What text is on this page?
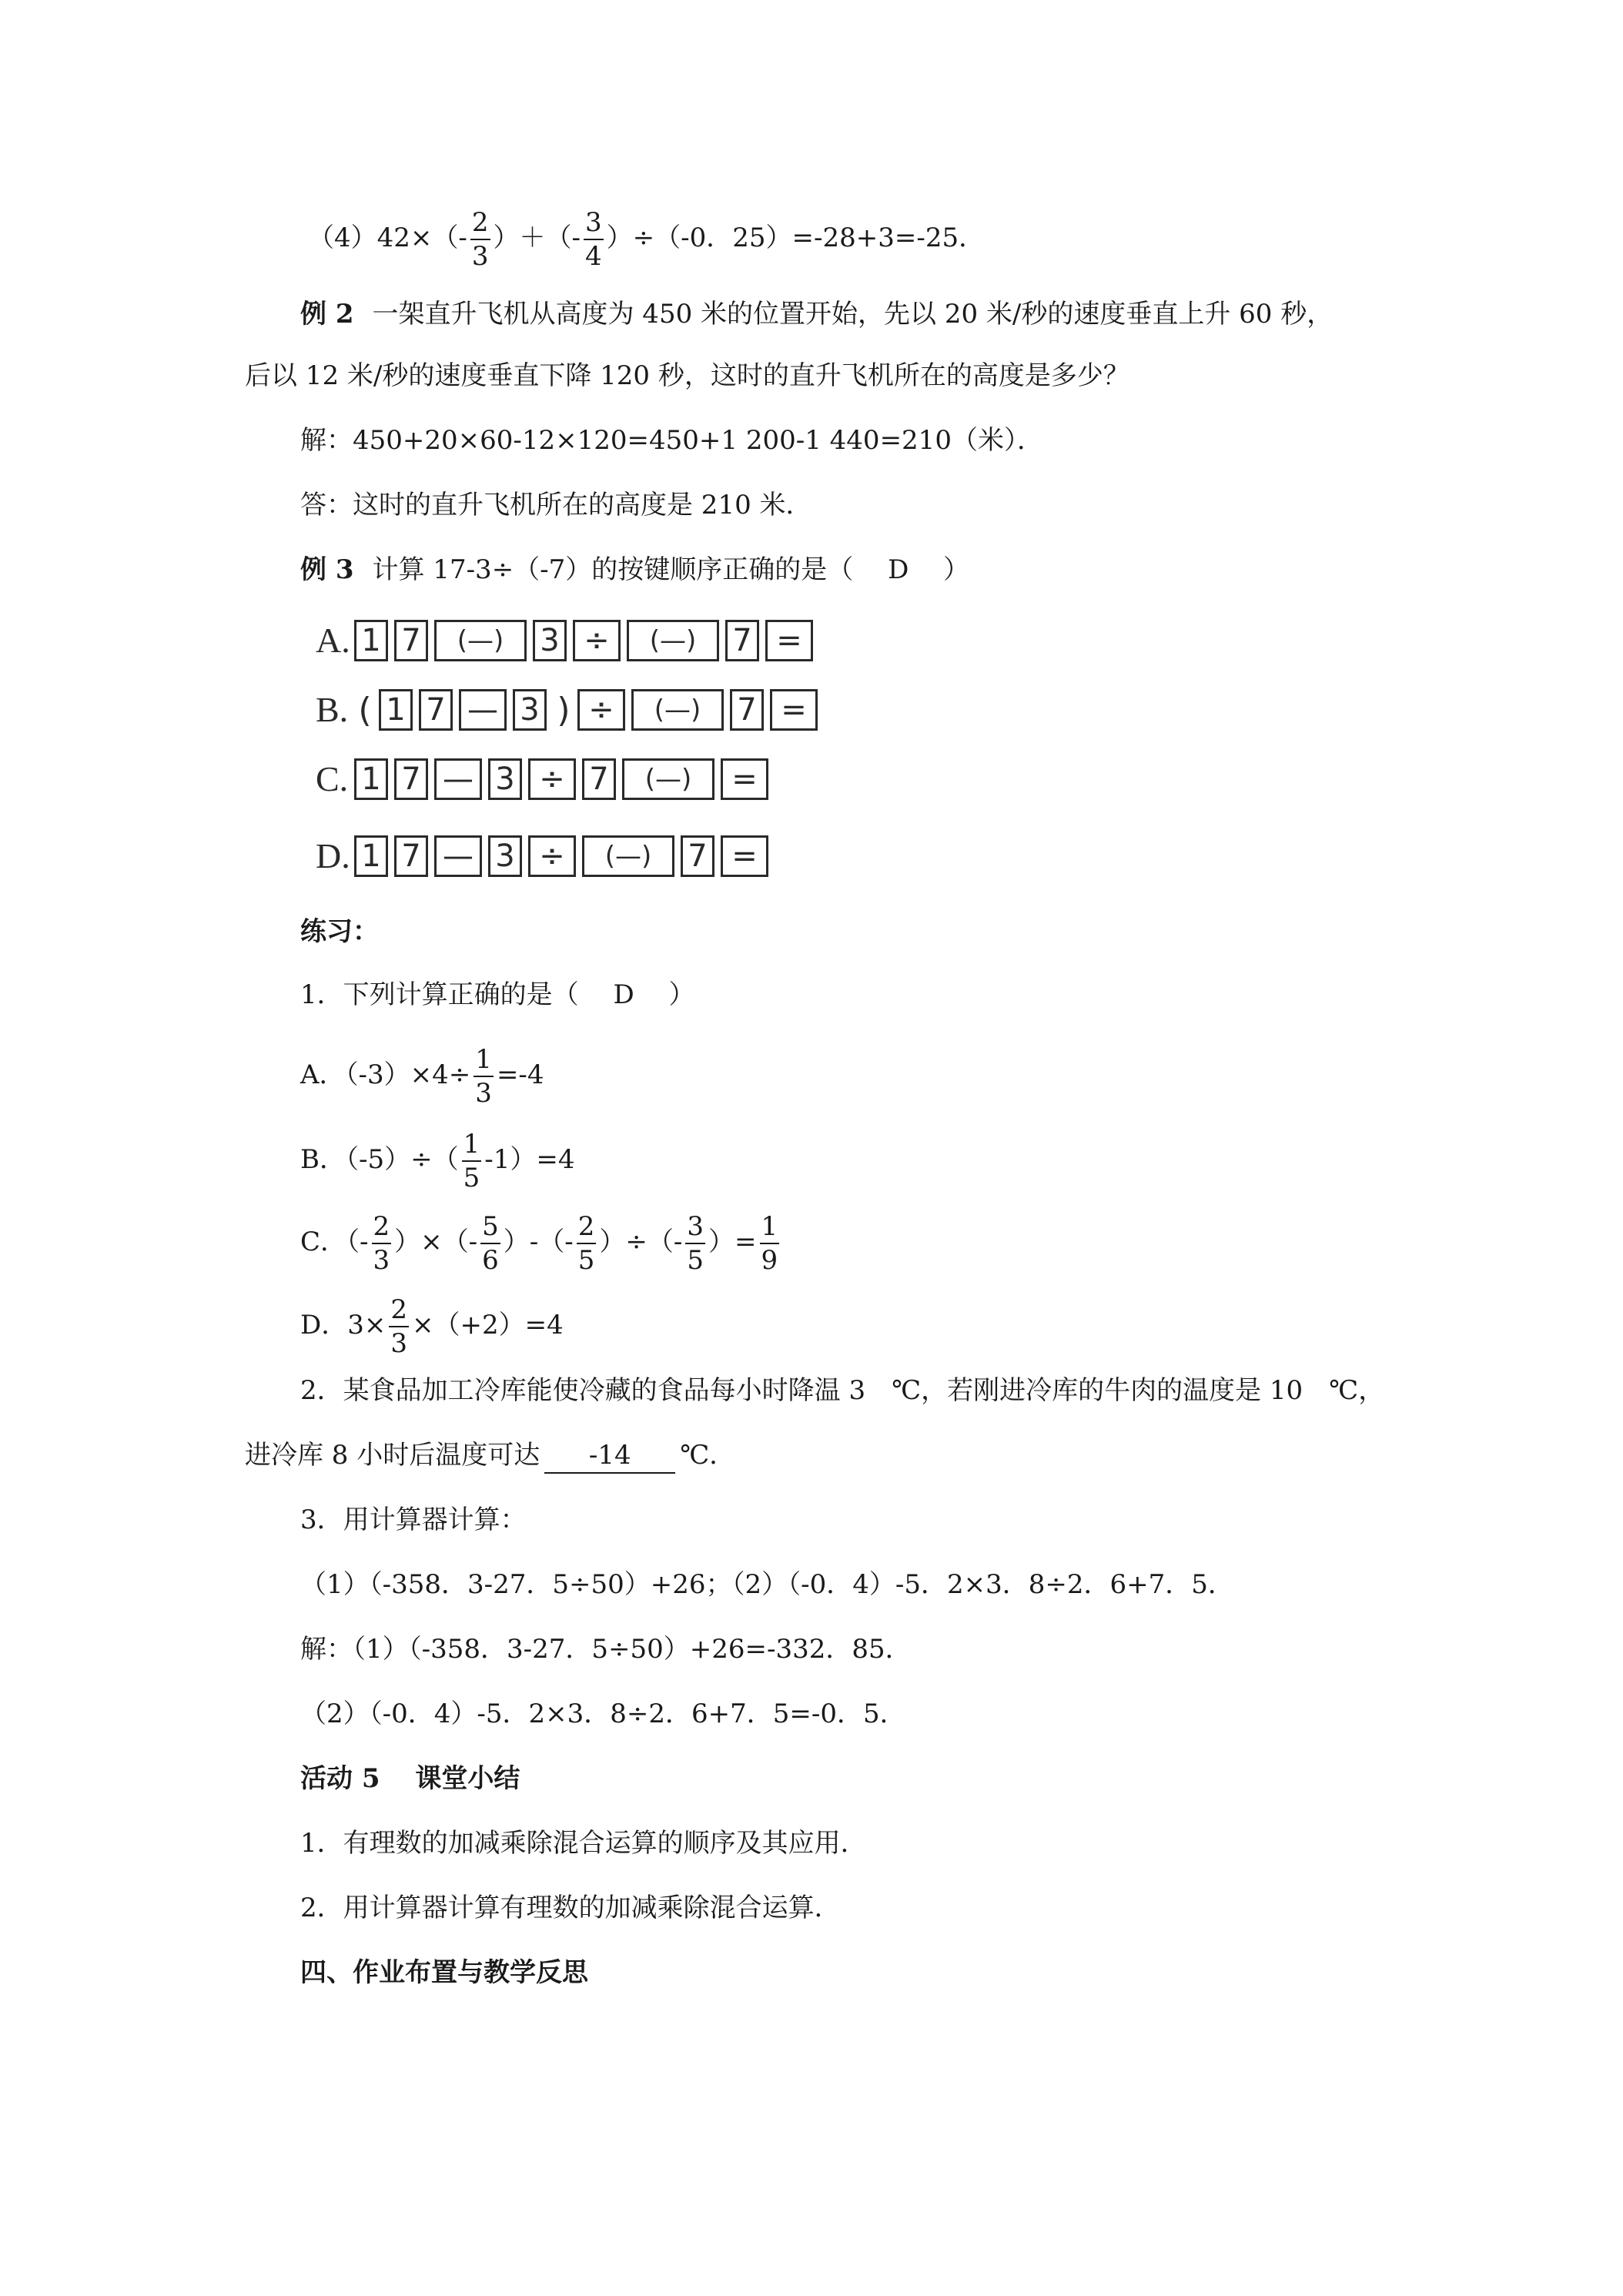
$(4)42\times(- \frac{2}{3}$ ）＋（- $\frac{3}{4} )\div(-0$．25）=-28+3=-25．
例 2 一架直升飞机从高度为 450 米的位置开始，先以 20 米/秒的速度垂直上升 60 秒，
后以 12 米/秒的速度垂直下降 120 秒，这时的直升飞机所在的高度是多少？
解：450+20×60-12×120=450+1 200-1 440=210（米）．
答：这时的直升飞机所在的高度是 210 米．
例 3 计算 17-3÷（-7）的按键顺序正确的是（　 D　 ）
A. 1 7	(—)	3 ÷	(—)	7 =
B. ( 1 7 — 3 ) ÷	(—)	7 =
C. 1 7 — 3 ÷ 7	(—)	=
D. 1 7 — 3 ÷	(—)	7 =
练习：
1．下列计算正确的是（　 D　 ）
A．$(-3)\times 4\div \frac{1}{3} =-4$
B．$(-5)\div( \frac{1}{5} -1)=4$
C．（- $\frac{2}{3}$ ）×（- $\frac{5}{6}$ ）-（- $\frac{2}{5}$ ）÷（- $\frac{3}{5}$ ）= $\frac{1}{9}$
D．$3\times \frac{2}{3} \times(+2)=4$
2．某食品加工冷库能使冷藏的食品每小时降温 3　℃，若刚进冷库的牛肉的温度是 10　℃，
进冷库 8 小时后温度可达 -14 ℃．
3．用计算器计算：
（1）（-358．3-27．5÷50）+26；（2）（-0．4）-5．2×3．8÷2．6+7．5．
解：（1）（-358．3-27．5÷50）+26=-332．85．
（2）（-0．4）-5．2×3．8÷2．6+7．5=-0．5．
活动 5　 课堂小结
1．有理数的加减乘除混合运算的顺序及其应用．
2．用计算器计算有理数的加减乘除混合运算．
四、作业布置与教学反思
